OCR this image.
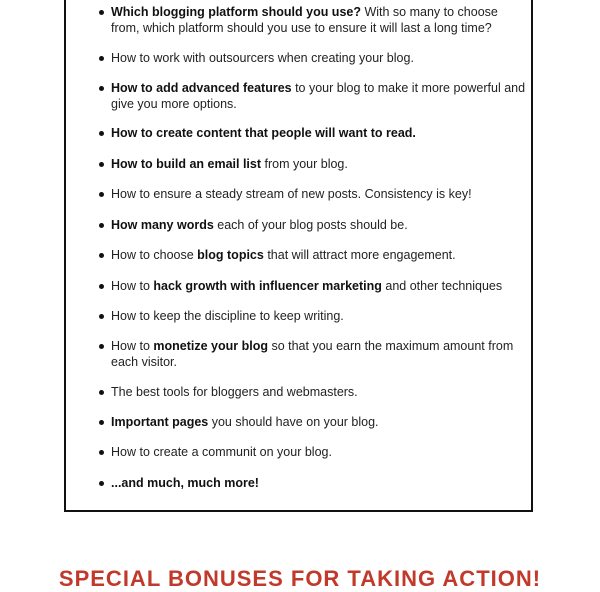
Which blogging platform should you use? With so many to choose from, which platform should you use to ensure it will last a long time?
How to work with outsourcers when creating your blog.
How to add advanced features to your blog to make it more powerful and give you more options.
How to create content that people will want to read.
How to build an email list from your blog.
How to ensure a steady stream of new posts. Consistency is key!
How many words each of your blog posts should be.
How to choose blog topics that will attract more engagement.
How to hack growth with influencer marketing and other techniques
How to keep the discipline to keep writing.
How to monetize your blog so that you earn the maximum amount from each visitor.
The best tools for bloggers and webmasters.
Important pages you should have on your blog.
How to create a communit on your blog.
...and much, much more!
SPECIAL BONUSES FOR TAKING ACTION!
